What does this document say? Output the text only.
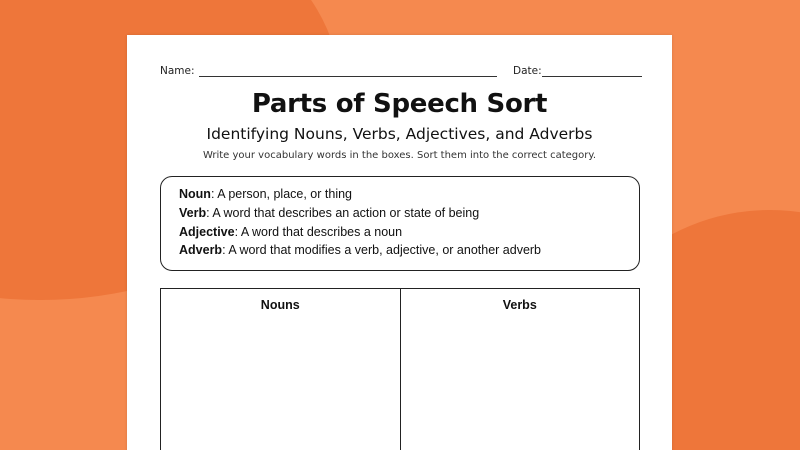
Name:	Date:
Parts of Speech Sort
Identifying Nouns, Verbs, Adjectives, and Adverbs
Write your vocabulary words in the boxes. Sort them into the correct category.
Noun: A person, place, or thing
Verb: A word that describes an action or state of being
Adjective: A word that describes a noun
Adverb: A word that modifies a verb, adjective, or another adverb
Nouns	Verbs
